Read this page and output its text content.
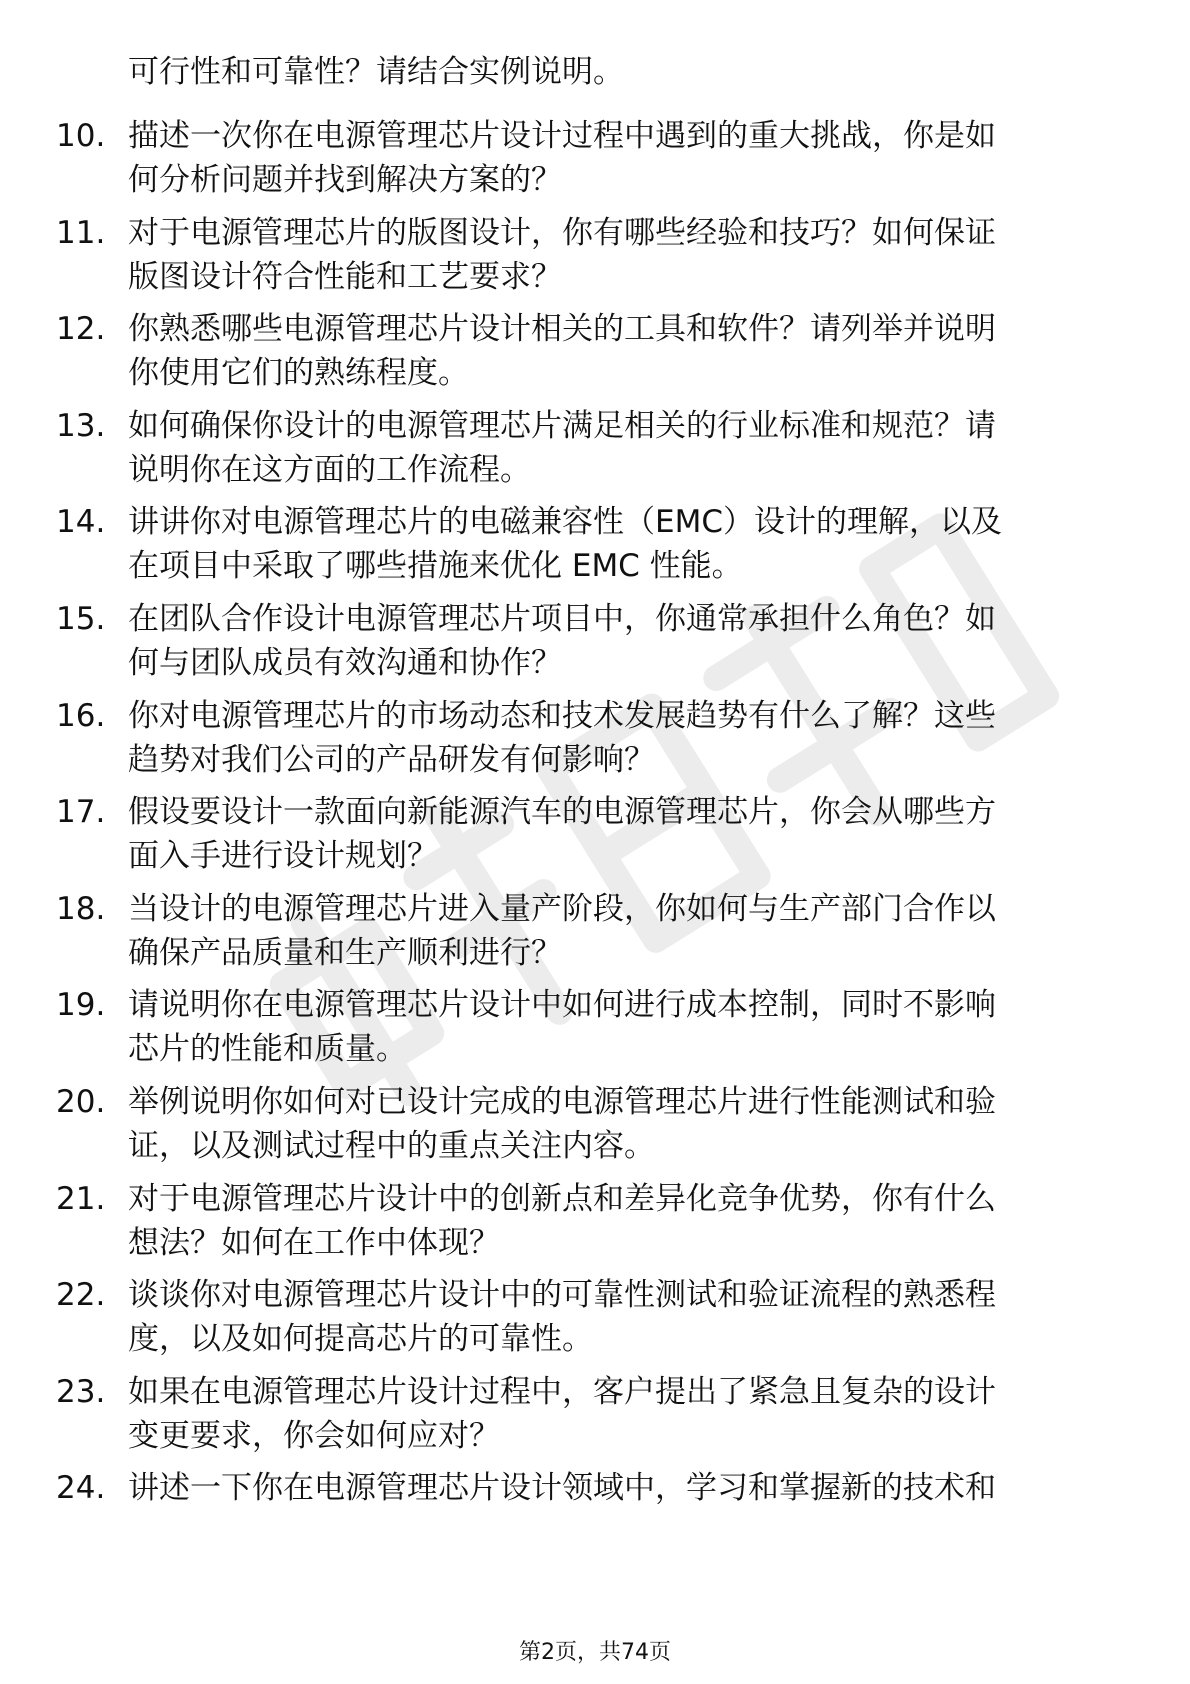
可行性和可靠性？请结合实例说明。
10. 描述一次你在电源管理芯片设计过程中遇到的重大挑战，你是如
何分析问题并找到解决方案的？
11. 对于电源管理芯片的版图设计，你有哪些经验和技巧？如何保证
版图设计符合性能和工艺要求？
12. 你熟悉哪些电源管理芯片设计相关的工具和软件？请列举并说明
你使用它们的熟练程度。
13. 如何确保你设计的电源管理芯片满足相关的行业标准和规范？请
说明你在这方面的工作流程。
14. 讲讲你对电源管理芯片的电磁兼容性（EMC）设计的理解，以及
在项目中采取了哪些措施来优化 EMC 性能。
15. 在团队合作设计电源管理芯片项目中，你通常承担什么角色？如
何与团队成员有效沟通和协作？
16. 你对电源管理芯片的市场动态和技术发展趋势有什么了解？这些
趋势对我们公司的产品研发有何影响？
17. 假设要设计一款面向新能源汽车的电源管理芯片，你会从哪些方
面入手进行设计规划？
18. 当设计的电源管理芯片进入量产阶段，你如何与生产部门合作以
确保产品质量和生产顺利进行？
19. 请说明你在电源管理芯片设计中如何进行成本控制，同时不影响
芯片的性能和质量。
20. 举例说明你如何对已设计完成的电源管理芯片进行性能测试和验
证，以及测试过程中的重点关注内容。
21. 对于电源管理芯片设计中的创新点和差异化竞争优势，你有什么
想法？如何在工作中体现？
22. 谈谈你对电源管理芯片设计中的可靠性测试和验证流程的熟悉程
度，以及如何提高芯片的可靠性。
23. 如果在电源管理芯片设计过程中，客户提出了紧急且复杂的设计
变更要求，你会如何应对？
24. 讲述一下你在电源管理芯片设计领域中，学习和掌握新的技术和
第2页，共74页
